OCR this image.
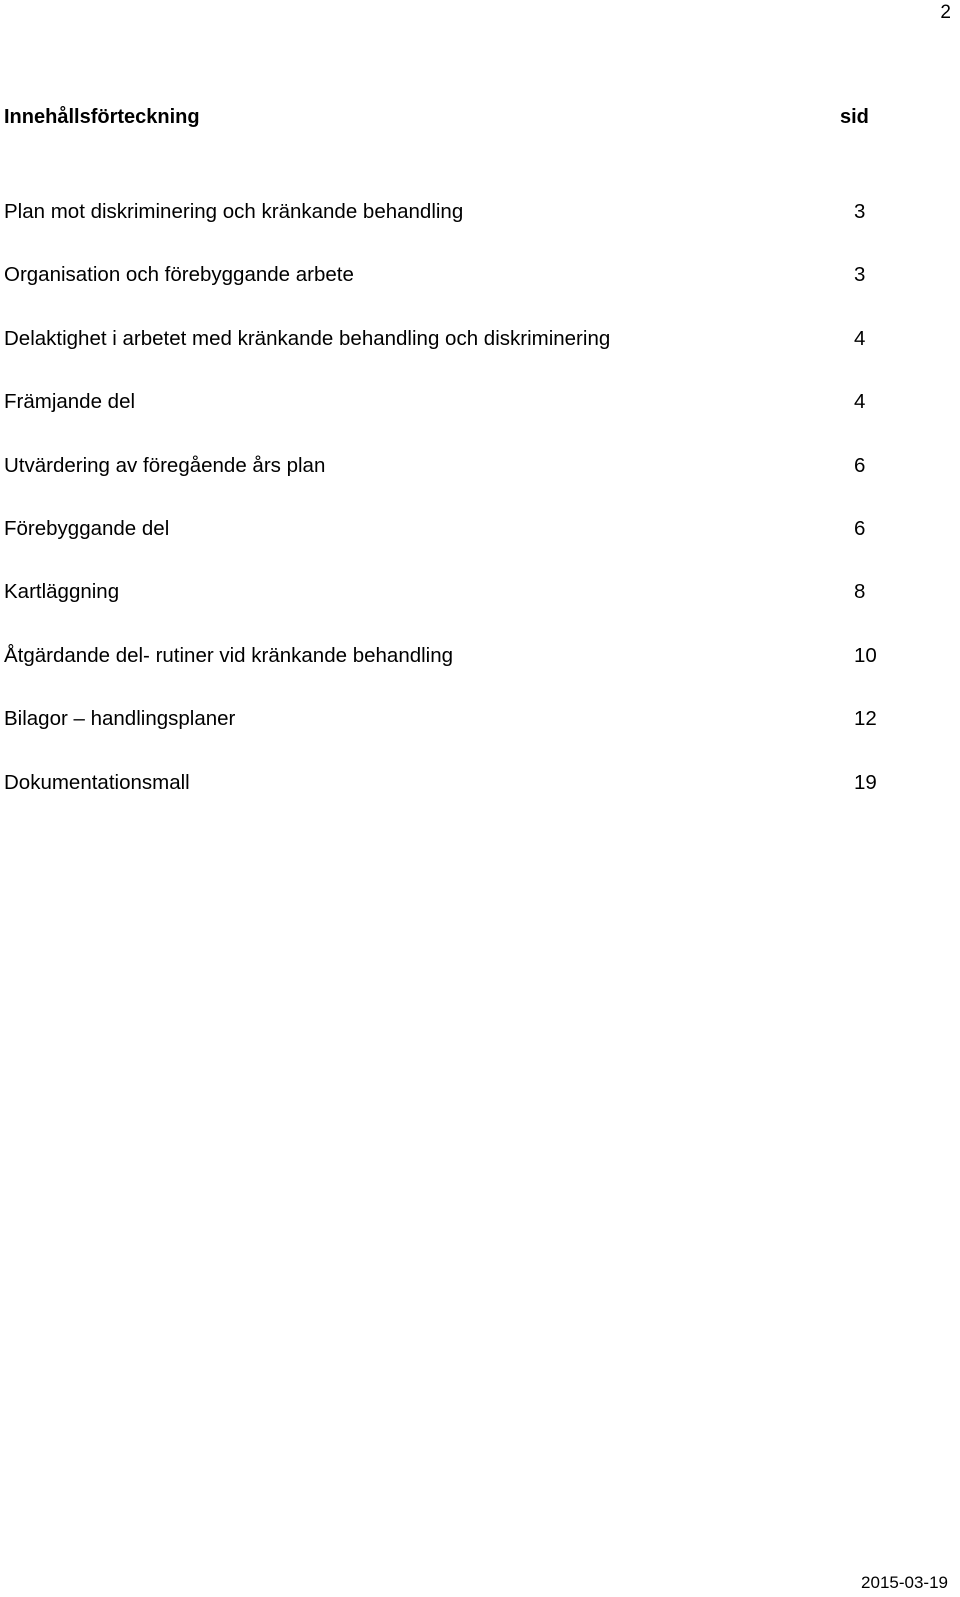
2
Innehållsförteckning	sid
Plan mot diskriminering och kränkande behandling	3
Organisation och förebyggande arbete	3
Delaktighet i arbetet med kränkande behandling och diskriminering	4
Främjande del	4
Utvärdering av föregående års plan	6
Förebyggande del	6
Kartläggning	8
Åtgärdande del- rutiner vid kränkande behandling	10
Bilagor – handlingsplaner	12
Dokumentationsmall	19
2015-03-19
